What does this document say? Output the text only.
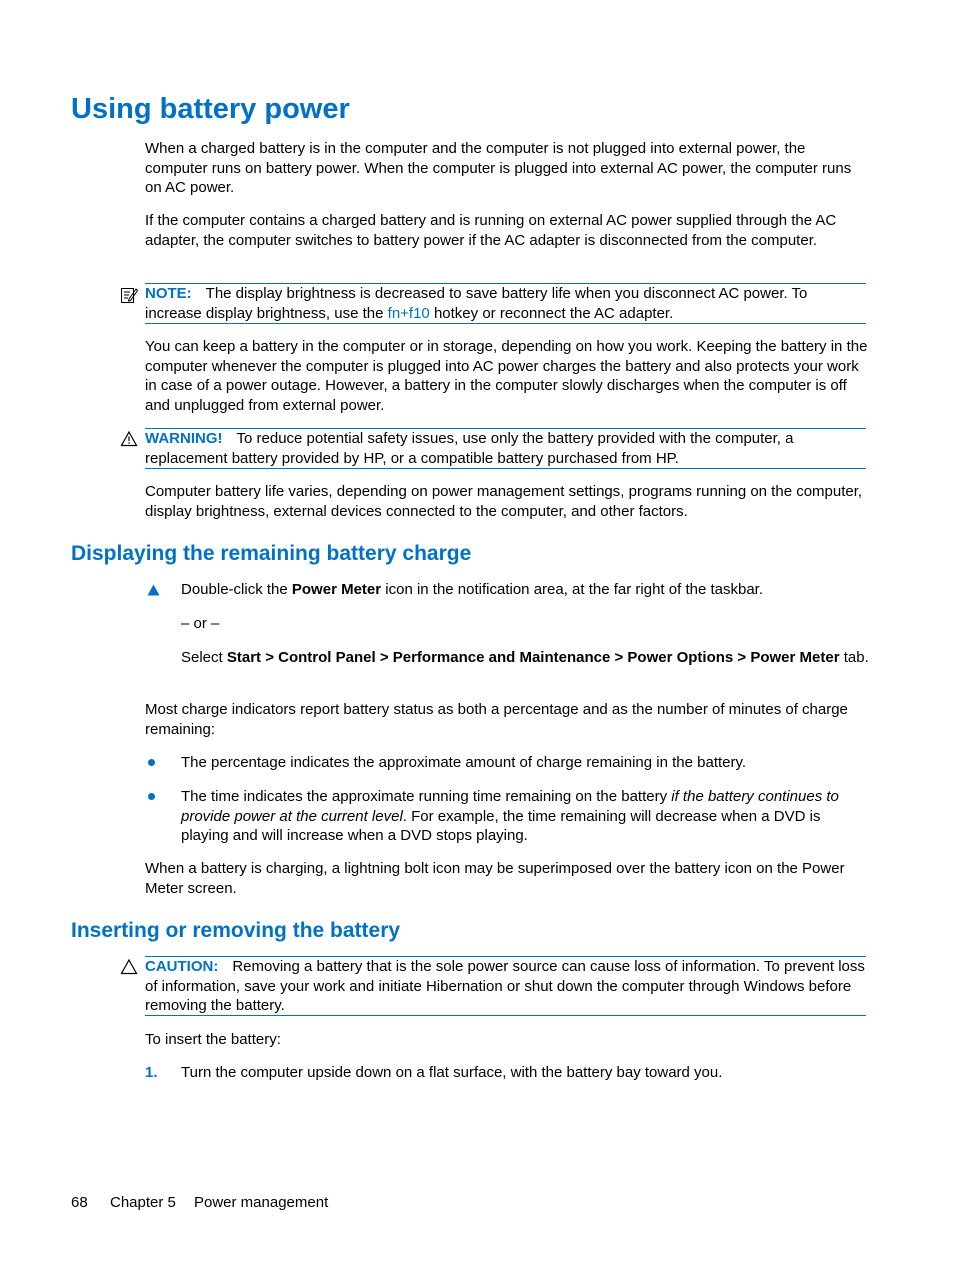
Using battery power
When a charged battery is in the computer and the computer is not plugged into external power, the computer runs on battery power. When the computer is plugged into external AC power, the computer runs on AC power.
If the computer contains a charged battery and is running on external AC power supplied through the AC adapter, the computer switches to battery power if the AC adapter is disconnected from the computer.
NOTE: The display brightness is decreased to save battery life when you disconnect AC power. To increase display brightness, use the fn+f10 hotkey or reconnect the AC adapter.
You can keep a battery in the computer or in storage, depending on how you work. Keeping the battery in the computer whenever the computer is plugged into AC power charges the battery and also protects your work in case of a power outage. However, a battery in the computer slowly discharges when the computer is off and unplugged from external power.
WARNING! To reduce potential safety issues, use only the battery provided with the computer, a replacement battery provided by HP, or a compatible battery purchased from HP.
Computer battery life varies, depending on power management settings, programs running on the computer, display brightness, external devices connected to the computer, and other factors.
Displaying the remaining battery charge
Double-click the Power Meter icon in the notification area, at the far right of the taskbar.
– or –
Select Start > Control Panel > Performance and Maintenance > Power Options > Power Meter tab.
Most charge indicators report battery status as both a percentage and as the number of minutes of charge remaining:
The percentage indicates the approximate amount of charge remaining in the battery.
The time indicates the approximate running time remaining on the battery if the battery continues to provide power at the current level. For example, the time remaining will decrease when a DVD is playing and will increase when a DVD stops playing.
When a battery is charging, a lightning bolt icon may be superimposed over the battery icon on the Power Meter screen.
Inserting or removing the battery
CAUTION: Removing a battery that is the sole power source can cause loss of information. To prevent loss of information, save your work and initiate Hibernation or shut down the computer through Windows before removing the battery.
To insert the battery:
1. Turn the computer upside down on a flat surface, with the battery bay toward you.
68 Chapter 5 Power management
